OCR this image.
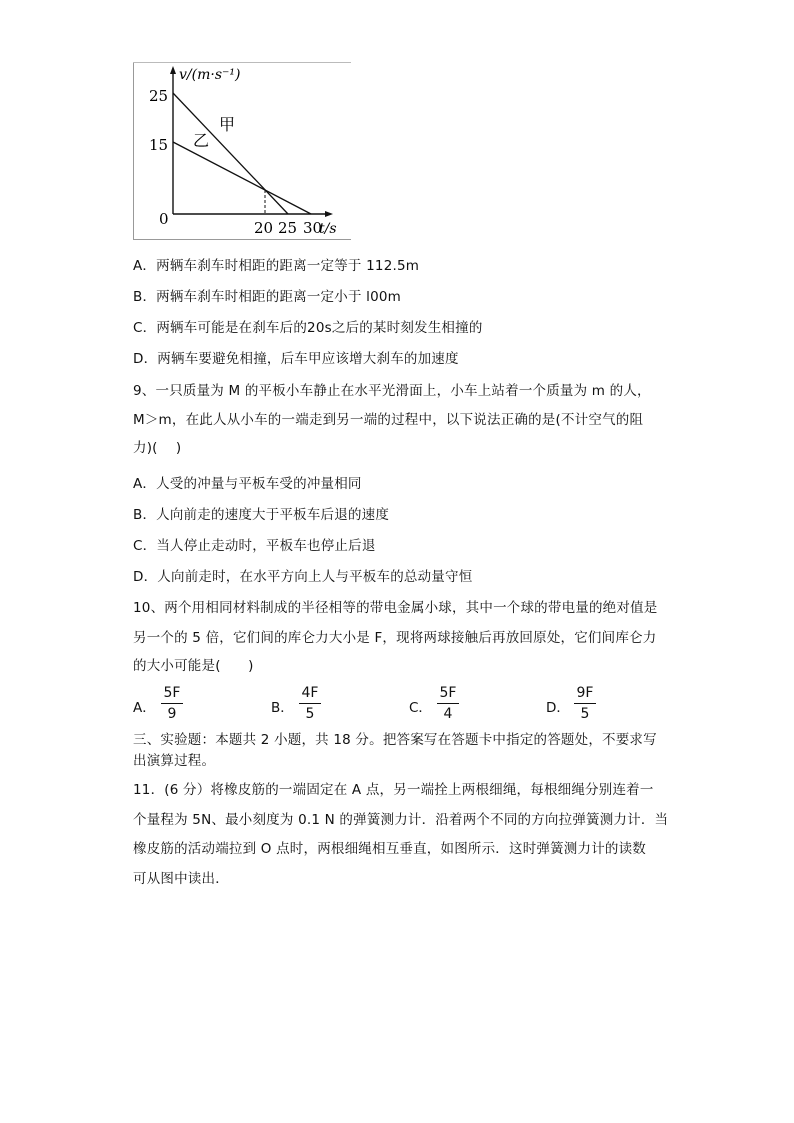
v/(m·s⁻¹)
t/s
25
15
0	20 25 30
甲
乙
A．两辆车刹车时相距的距离一定等于 112.5m
B．两辆车刹车时相距的距离一定小于 l00m
C．两辆车可能是在刹车后的20s之后的某时刻发生相撞的
D．两辆车要避免相撞，后车甲应该增大刹车的加速度
9、一只质量为 M 的平板小车静止在水平光滑面上，小车上站着一个质量为 m 的人，
M＞m，在此人从小车的一端走到另一端的过程中，以下说法正确的是(不计空气的阻
力)(　 )
A．人受的冲量与平板车受的冲量相同
B．人向前走的速度大于平板车后退的速度
C．当人停止走动时，平板车也停止后退
D．人向前走时，在水平方向上人与平板车的总动量守恒
10、两个用相同材料制成的半径相等的带电金属小球，其中一个球的带电量的绝对值是
另一个的 5 倍，它们间的库仑力大小是 F，现将两球接触后再放回原处，它们间库仑力
的大小可能是(　　)
A．
5F
9	B．
4F
5	C．
5F
4	D．
9F
5
三、实验题：本题共 2 小题，共 18 分。把答案写在答题卡中指定的答题处，不要求写
出演算过程。
11．(6 分）将橡皮筋的一端固定在 A 点，另一端拴上两根细绳，每根细绳分别连着一
个量程为 5N、最小刻度为 0.1 N 的弹簧测力计．沿着两个不同的方向拉弹簧测力计．当
橡皮筋的活动端拉到 O 点时，两根细绳相互垂直，如图所示．这时弹簧测力计的读数
可从图中读出．
